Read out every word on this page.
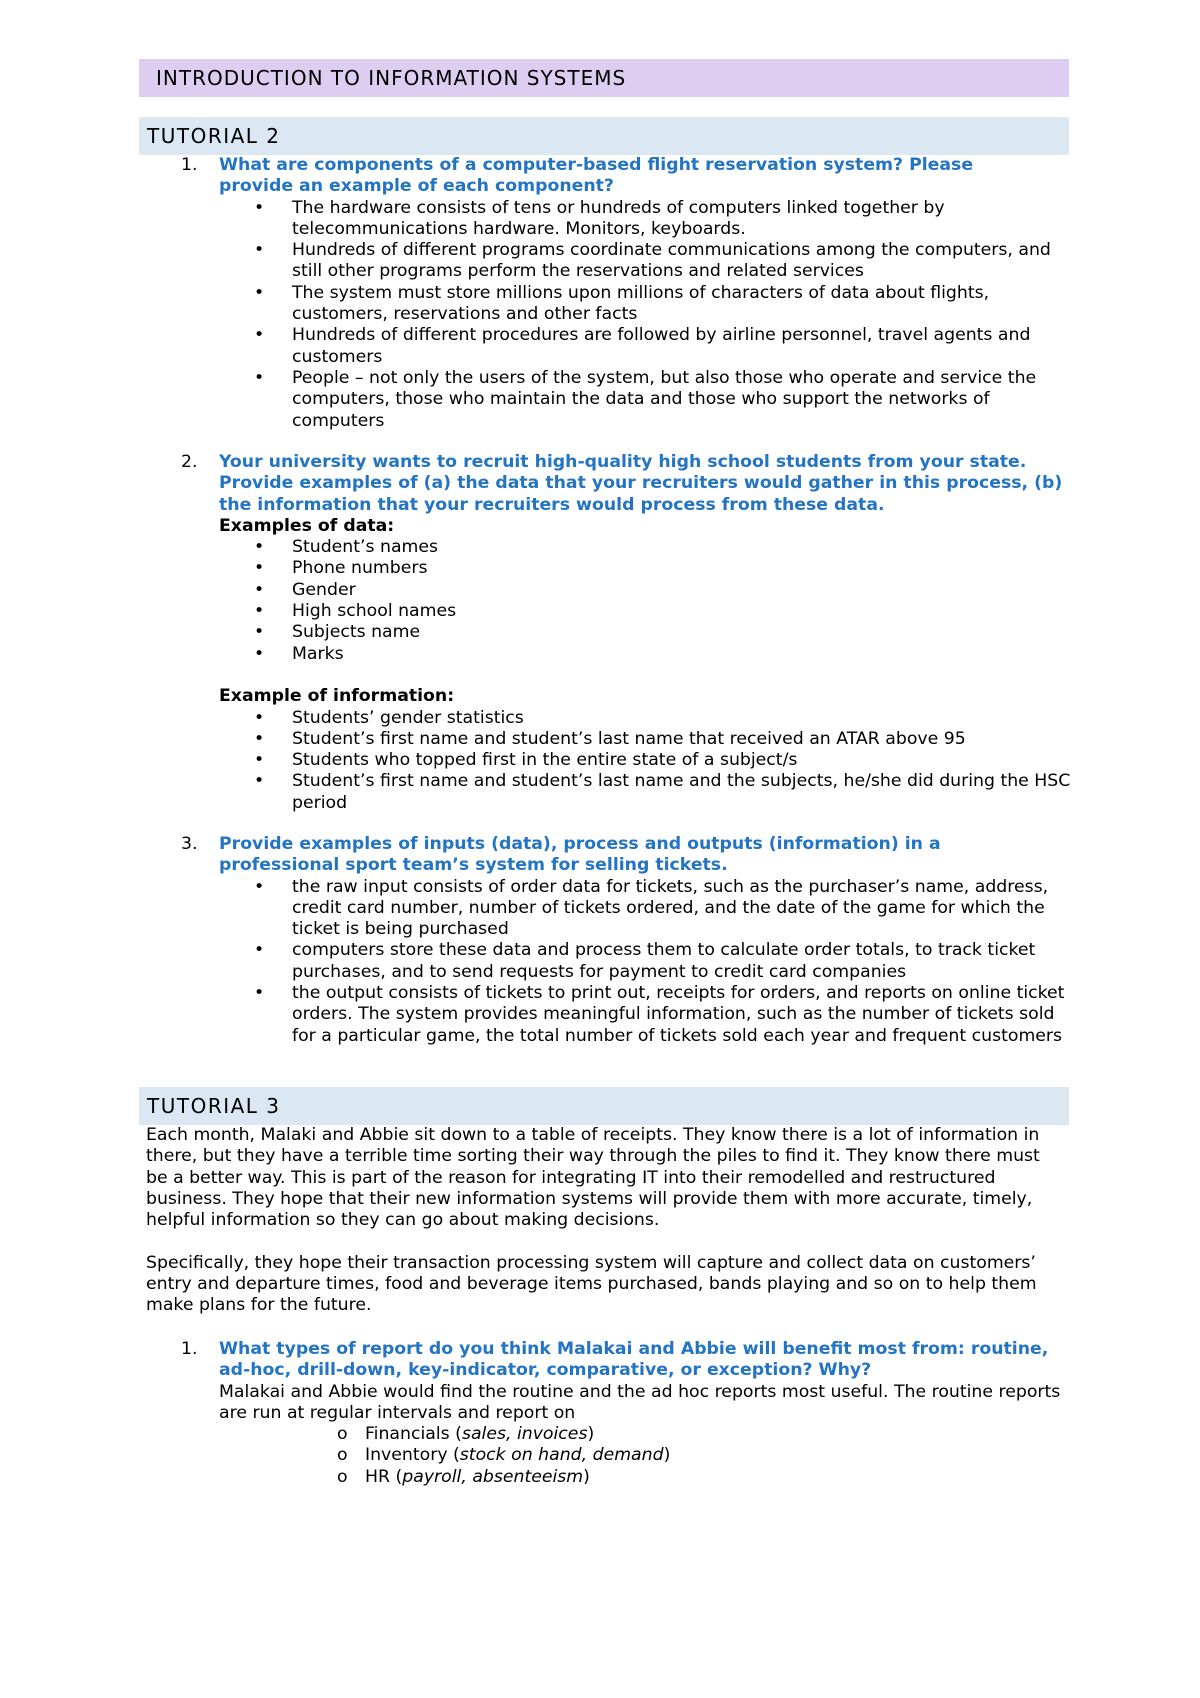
INTRODUCTION TO INFORMATION SYSTEMS
TUTORIAL 2
1. What are components of a computer-based flight reservation system? Please provide an example of each component?
• The hardware consists of tens or hundreds of computers linked together by telecommunications hardware. Monitors, keyboards.
• Hundreds of different programs coordinate communications among the computers, and still other programs perform the reservations and related services
• The system must store millions upon millions of characters of data about flights, customers, reservations and other facts
• Hundreds of different procedures are followed by airline personnel, travel agents and customers
• People – not only the users of the system, but also those who operate and service the computers, those who maintain the data and those who support the networks of computers
2. Your university wants to recruit high-quality high school students from your state. Provide examples of (a) the data that your recruiters would gather in this process, (b) the information that your recruiters would process from these data.
Examples of data:
• Student’s names
• Phone numbers
• Gender
• High school names
• Subjects name
• Marks
Example of information:
• Students’ gender statistics
• Student’s first name and student’s last name that received an ATAR above 95
• Students who topped first in the entire state of a subject/s
• Student’s first name and student’s last name and the subjects, he/she did during the HSC period
3. Provide examples of inputs (data), process and outputs (information) in a professional sport team’s system for selling tickets.
• the raw input consists of order data for tickets, such as the purchaser’s name, address, credit card number, number of tickets ordered, and the date of the game for which the ticket is being purchased
• computers store these data and process them to calculate order totals, to track ticket purchases, and to send requests for payment to credit card companies
• the output consists of tickets to print out, receipts for orders, and reports on online ticket orders. The system provides meaningful information, such as the number of tickets sold for a particular game, the total number of tickets sold each year and frequent customers
TUTORIAL 3

Each month, Malaki and Abbie sit down to a table of receipts. They know there is a lot of information in there, but they have a terrible time sorting their way through the piles to find it. They know there must be a better way. This is part of the reason for integrating IT into their remodelled and restructured business. They hope that their new information systems will provide them with more accurate, timely, helpful information so they can go about making decisions.

Specifically, they hope their transaction processing system will capture and collect data on customers’ entry and departure times, food and beverage items purchased, bands playing and so on to help them make plans for the future.

1. What types of report do you think Malakai and Abbie will benefit most from: routine, ad-hoc, drill-down, key-indicator, comparative, or exception? Why?

Malakai and Abbie would find the routine and the ad hoc reports most useful. The routine reports are run at regular intervals and report on

o Financials (sales, invoices)
o Inventory (stock on hand, demand)
o HR (payroll, absenteeism)
